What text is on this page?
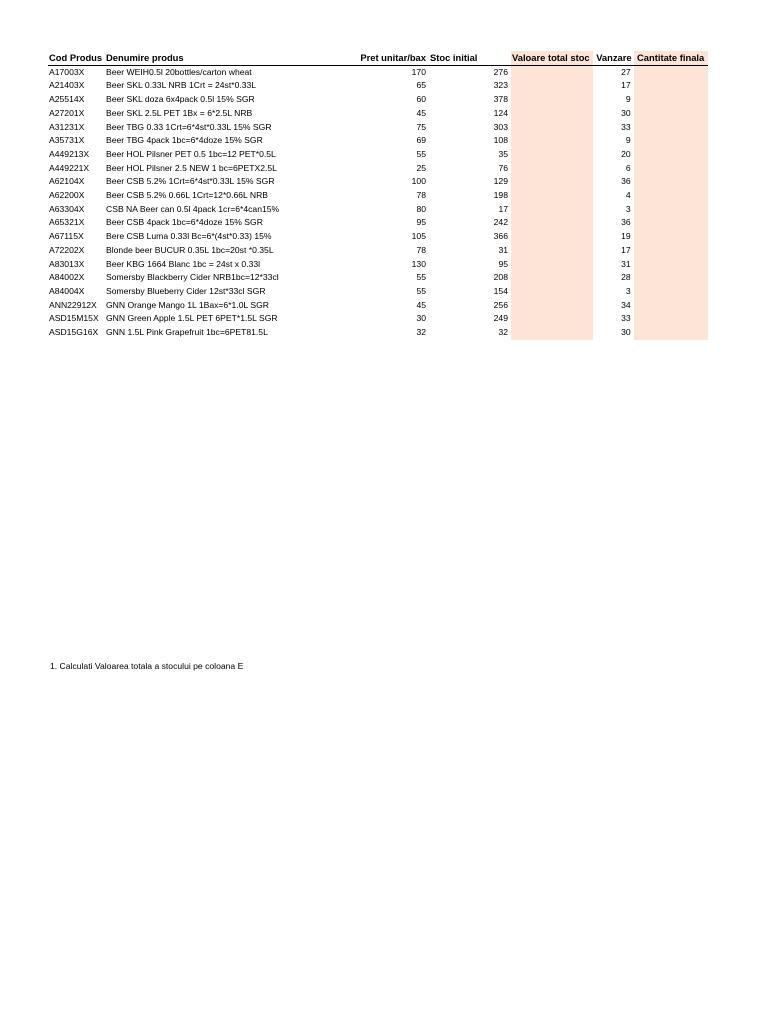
Cod Produs	Denumire produs	Pret unitar/bax	Stoc initial	Valoare total stoc	Vanzare	Cantitate finala
A17003X	Beer WEIH0.5l 20bottles/carton wheat	170	276		27	
A21403X	Beer SKL 0.33L NRB 1Crt = 24st*0.33L	65	323		17	
A25514X	Beer SKL doza 6x4pack 0.5l 15% SGR	60	378		9	
A27201X	Beer SKL 2.5L PET 1Bx = 6*2.5L NRB	45	124		30	
A31231X	Beer TBG 0.33 1Crt=6*4st*0.33L 15% SGR	75	303		33	
A35731X	Beer TBG 4pack 1bc=6*4doze 15% SGR	69	108		9	
A449213X	Beer HOL Pilsner PET 0.5 1bc=12 PET*0.5L	55	35		20	
A449221X	Beer HOL Pilsner 2.5 NEW 1 bc=6PETX2.5L	25	76		6	
A62104X	Beer CSB 5.2% 1Crt=6*4st*0.33L 15% SGR	100	129		36	
A62200X	Beer CSB 5.2% 0.66L 1Crt=12*0.66L NRB	78	198		4	
A63304X	CSB NA Beer can 0.5l 4pack 1cr=6*4can15%	80	17		3	
A65321X	Beer CSB 4pack 1bc=6*4doze 15% SGR	95	242		36	
A67115X	Bere CSB Luma 0.33l Bc=6*(4st*0.33) 15%	105	366		19	
A72202X	Blonde beer BUCUR 0.35L 1bc=20st *0.35L	78	31		17	
A83013X	Beer KBG 1664 Blanc 1bc = 24st x 0.33l	130	95		31	
A84002X	Somersby Blackberry Cider NRB1bc=12*33cl	55	208		28	
A84004X	Somersby Blueberry Cider 12st*33cl SGR	55	154		3	
ANN22912X	GNN Orange Mango 1L 1Bax=6*1.0L SGR	45	256		34	
ASD15M15X	GNN Green Apple 1.5L PET 6PET*1.5L SGR	30	249		33	
ASD15G16X	GNN 1.5L Pink Grapefruit 1bc=6PET81.5L	32	32		30	
1. Calculati Valoarea totala a stocului pe coloana E
